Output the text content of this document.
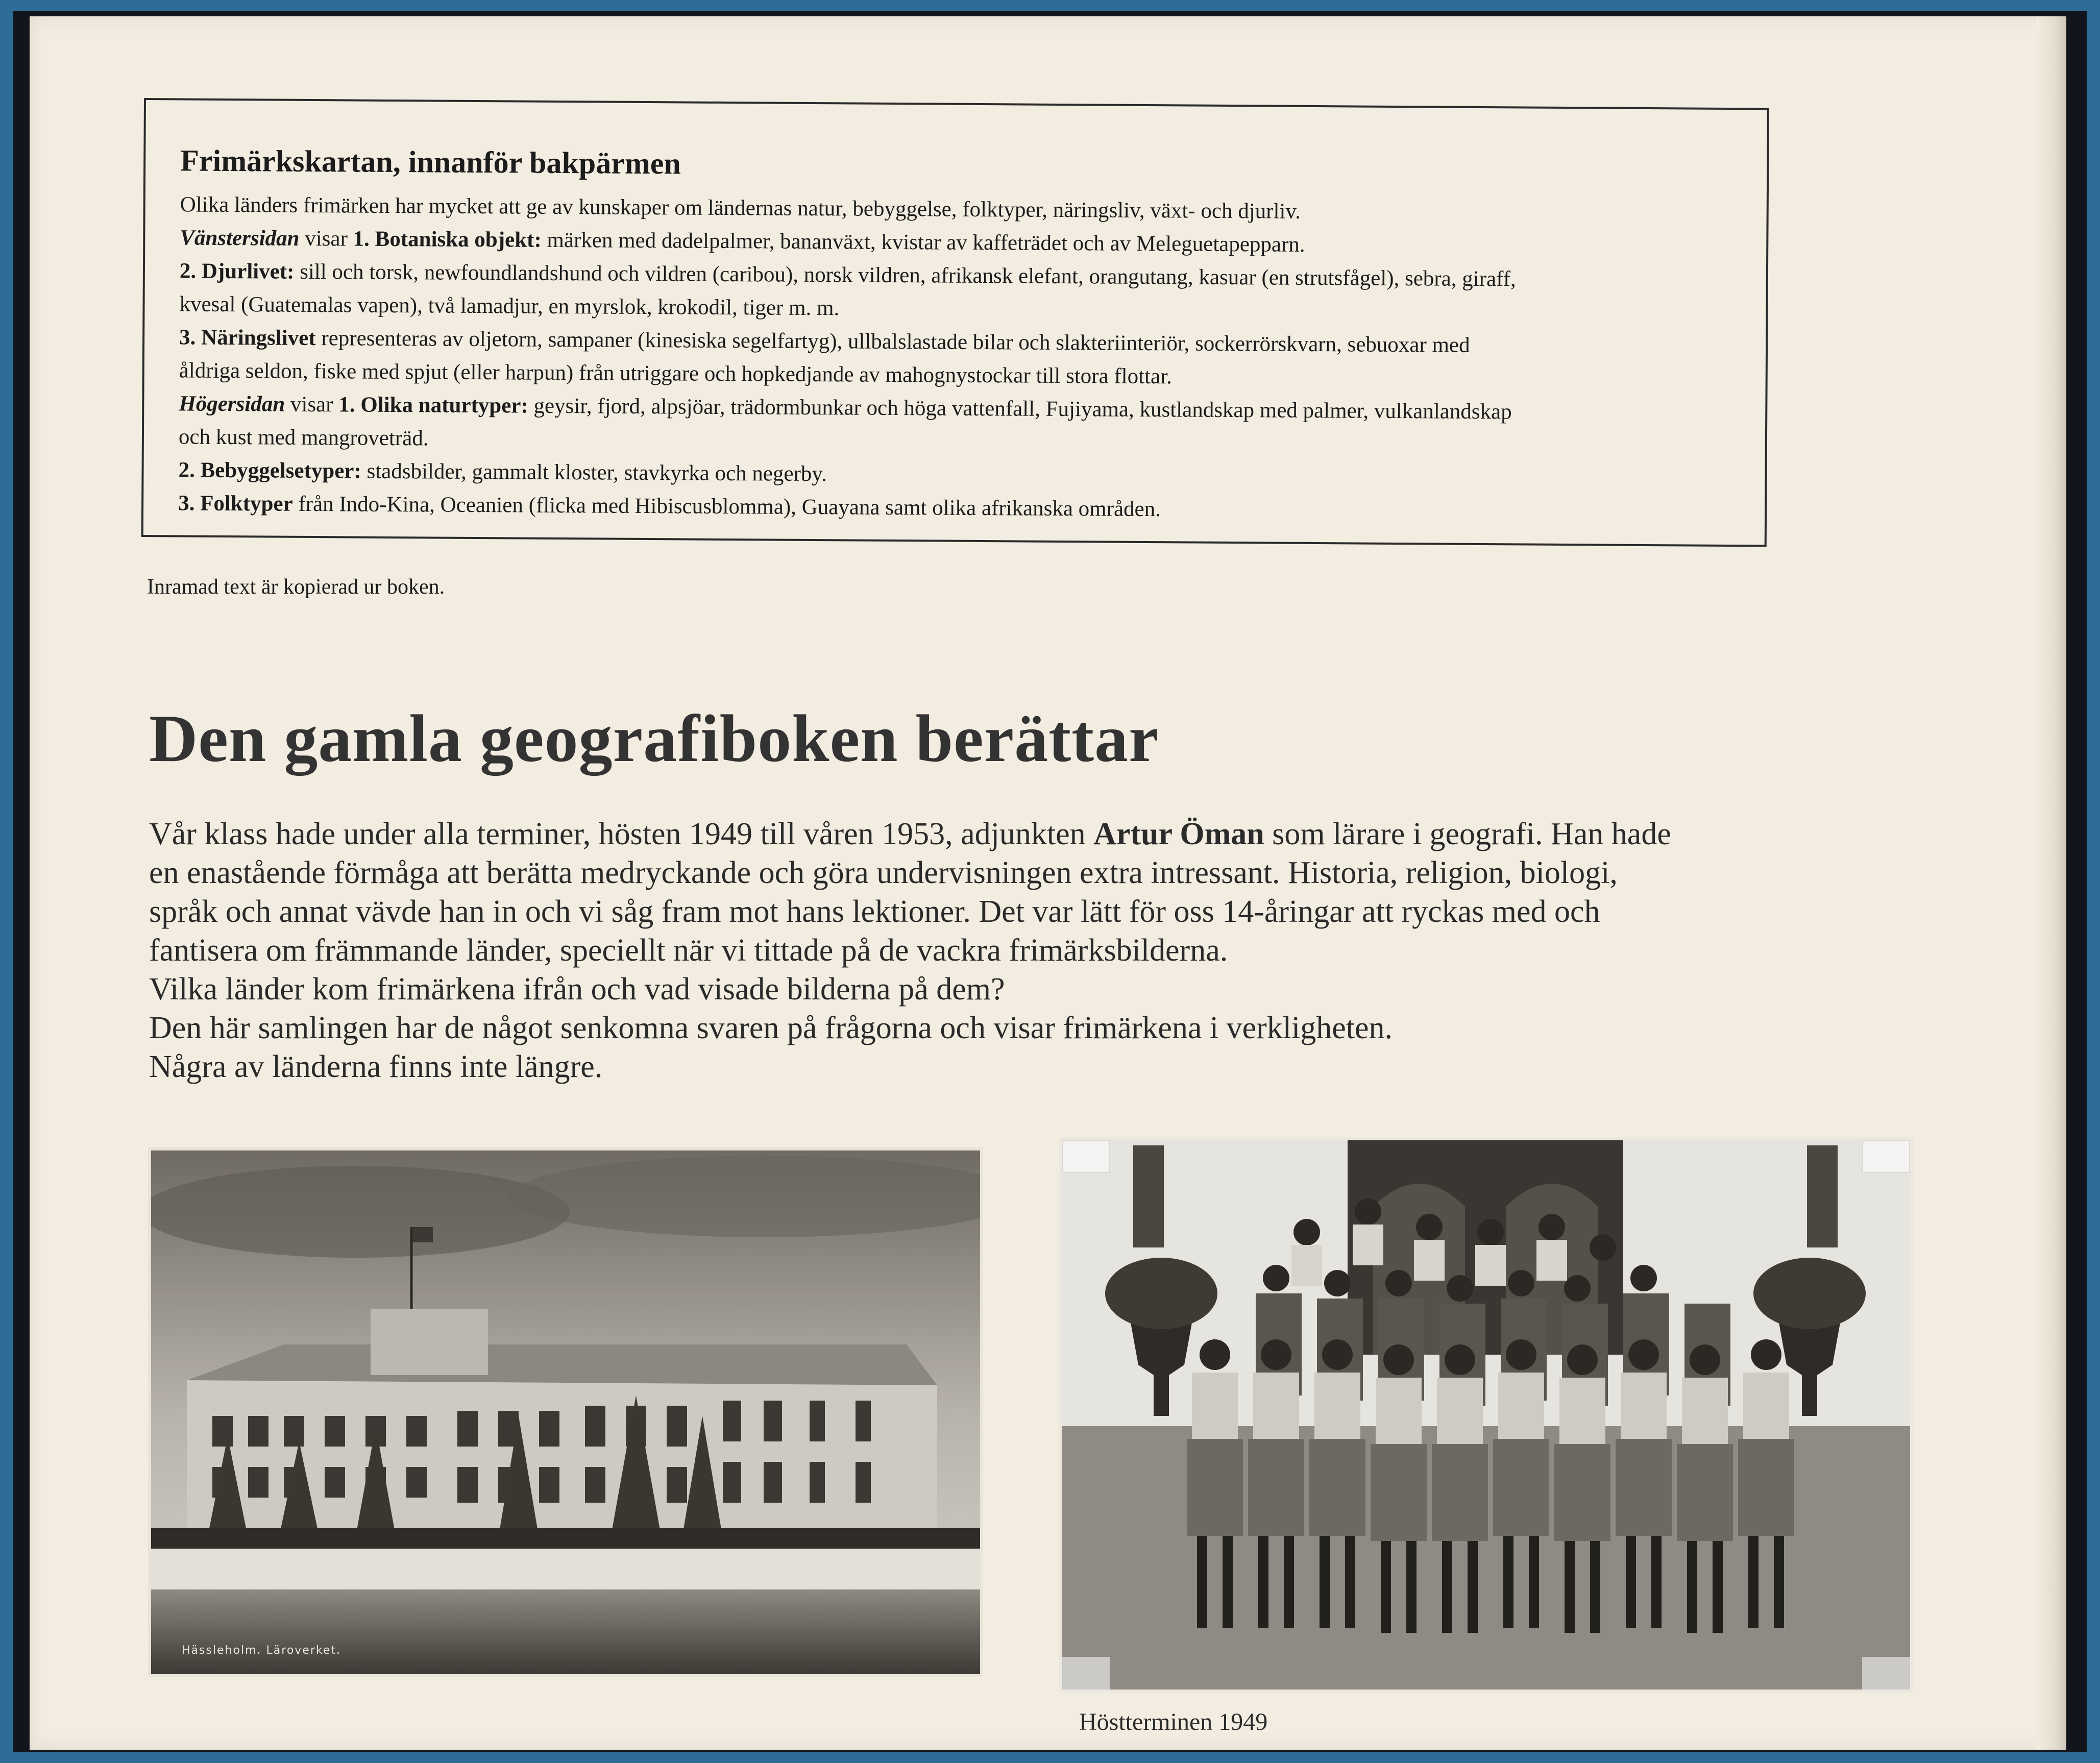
Frimärkskartan, innanför bakpärmen

Olika länders frimärken har mycket att ge av kunskaper om ländernas natur, bebyggelse, folktyper, näringsliv, växt- och djurliv.

Vänstersidan visar 1. Botaniska objekt: märken med dadelpalmer, bananväxt, kvistar av kaffeträdet och av Meleguetapepparn.

2. Djurlivet: sill och torsk, newfoundlandshund och vildren (caribou), norsk vildren, afrikansk elefant, orangutang, kasuar (en strutsfågel), sebra, giraff,

kvesal (Guatemalas vapen), två lamadjur, en myrslok, krokodil, tiger m. m.

3. Näringslivet representeras av oljetorn, sampaner (kinesiska segelfartyg), ullbalslastade bilar och slakteriinteriör, sockerrörskvarn, sebuoxar med

åldriga seldon, fiske med spjut (eller harpun) från utriggare och hopkedjande av mahognystockar till stora flottar.

Högersidan visar 1. Olika naturtyper: geysir, fjord, alpsjöar, trädormbunkar och höga vattenfall, Fujiyama, kustlandskap med palmer, vulkanlandskap

och kust med mangroveträd.

2. Bebyggelsetyper: stadsbilder, gammalt kloster, stavkyrka och negerby.

3. Folktyper från Indo-Kina, Oceanien (flicka med Hibiscusblomma), Guayana samt olika afrikanska områden.

Inramad text är kopierad ur boken.
Den gamla geografiboken berättar

Vår klass hade under alla terminer, hösten 1949 till våren 1953, adjunkten Artur Öman som lärare i geografi. Han hade

en enastående förmåga att berätta medryckande och göra undervisningen extra intressant. Historia, religion, biologi,

språk och annat vävde han in och vi såg fram mot hans lektioner. Det var lätt för oss 14-åringar att ryckas med och

fantisera om främmande länder, speciellt när vi tittade på de vackra frimärksbilderna.

Vilka länder kom frimärkena ifrån och vad visade bilderna på dem?

Den här samlingen har de något senkomna svaren på frågorna och visar frimärkena i verkligheten.

Några av länderna finns inte längre.

Hässleholm. Läroverket.
Höstterminen 1949
